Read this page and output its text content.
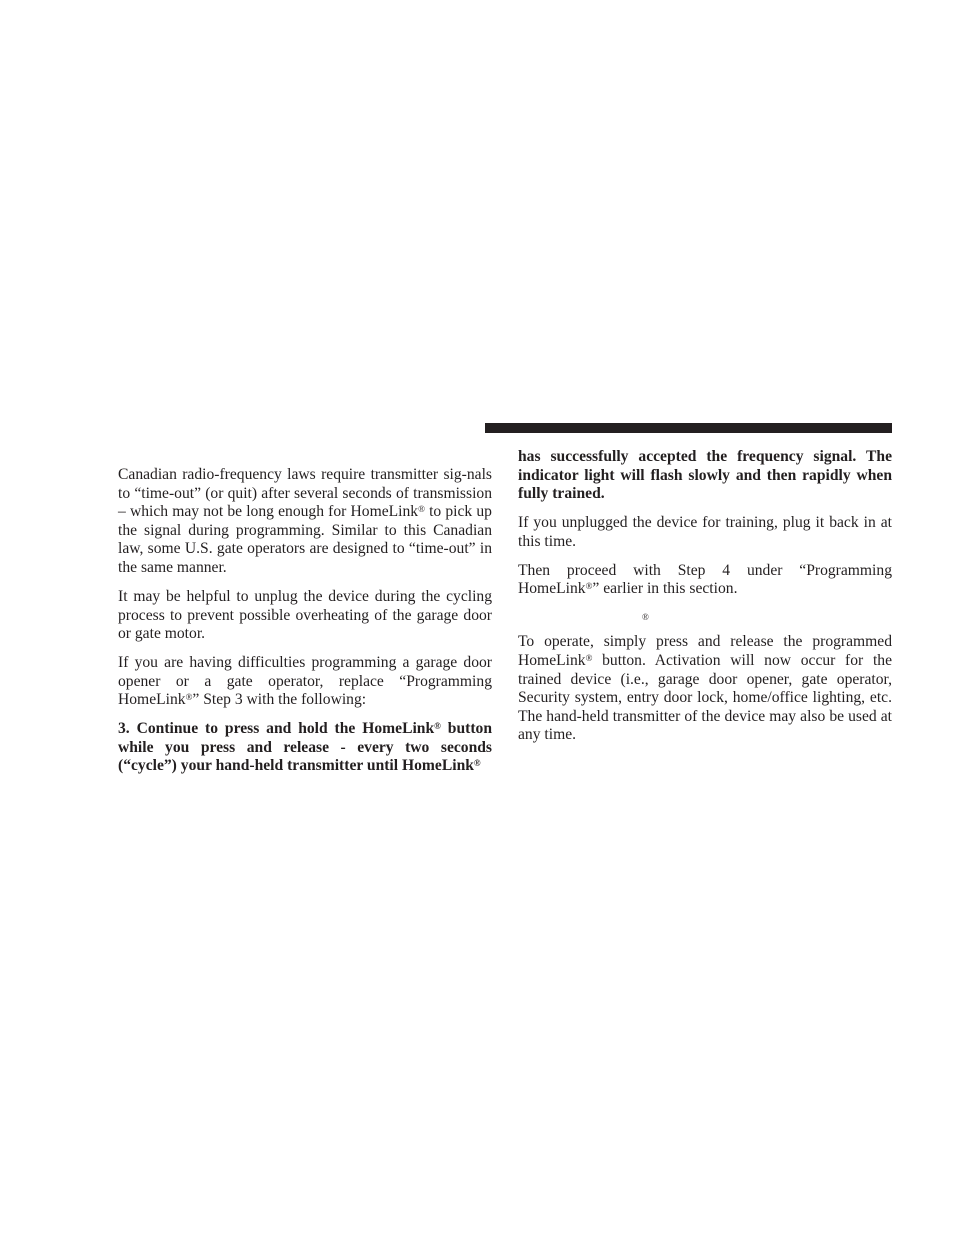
Canadian radio-frequency laws require transmitter sig-nals to “time-out” (or quit) after several seconds of transmission – which may not be long enough for HomeLink® to pick up the signal during programming. Similar to this Canadian law, some U.S. gate operators are designed to “time-out” in the same manner.

It may be helpful to unplug the device during the cycling process to prevent possible overheating of the garage door or gate motor.

If you are having difficulties programming a garage door opener or a gate operator, replace “Programming HomeLink®” Step 3 with the following:

3. Continue to press and hold the HomeLink® button while you press and release - every two seconds (“cycle”) your hand-held transmitter until HomeLink®

has successfully accepted the frequency signal. The indicator light will flash slowly and then rapidly when fully trained.

If you unplugged the device for training, plug it back in at this time.

Then proceed with Step 4 under “Programming HomeLink®” earlier in this section.

®

To operate, simply press and release the programmed HomeLink® button. Activation will now occur for the trained device (i.e., garage door opener, gate operator, Security system, entry door lock, home/office lighting, etc. The hand-held transmitter of the device may also be used at any time.
